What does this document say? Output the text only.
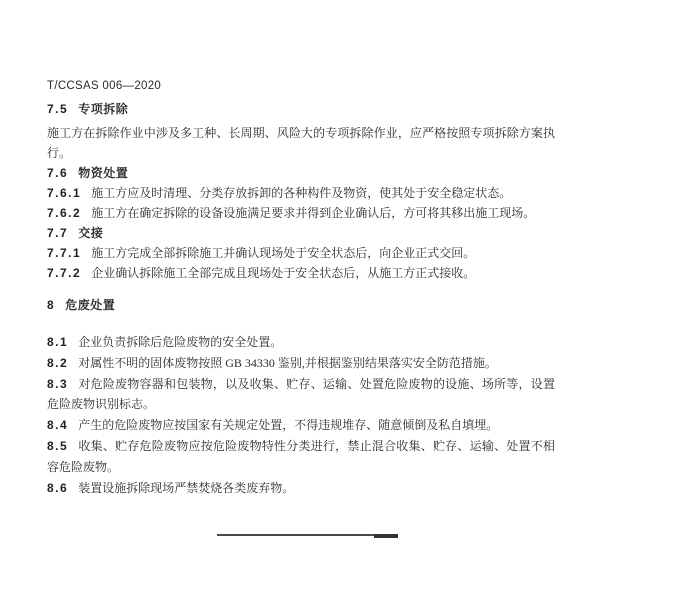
T/CCSAS 006—2020

7.5 专项拆除

施工方在拆除作业中涉及多工种、长周期、风险大的专项拆除作业，应严格按照专项拆除方案执行。

7.6 物资处置

7.6.1 施工方应及时清理、分类存放拆卸的各种构件及物资，使其处于安全稳定状态。

7.6.2 施工方在确定拆除的设备设施满足要求并得到企业确认后，方可将其移出施工现场。

7.7 交接

7.7.1 施工方完成全部拆除施工并确认现场处于安全状态后，向企业正式交回。

7.7.2 企业确认拆除施工全部完成且现场处于安全状态后，从施工方正式接收。

8 危废处置

8.1 企业负责拆除后危险废物的安全处置。

8.2 对属性不明的固体废物按照 GB 34330 鉴别,并根据鉴别结果落实安全防范措施。

8.3 对危险废物容器和包装物，以及收集、贮存、运输、处置危险废物的设施、场所等，设置危险废物识别标志。

8.4 产生的危险废物应按国家有关规定处置，不得违规堆存、随意倾倒及私自填埋。

8.5 收集、贮存危险废物应按危险废物特性分类进行，禁止混合收集、贮存、运输、处置不相容危险废物。

8.6 装置设施拆除现场严禁焚烧各类废弃物。
